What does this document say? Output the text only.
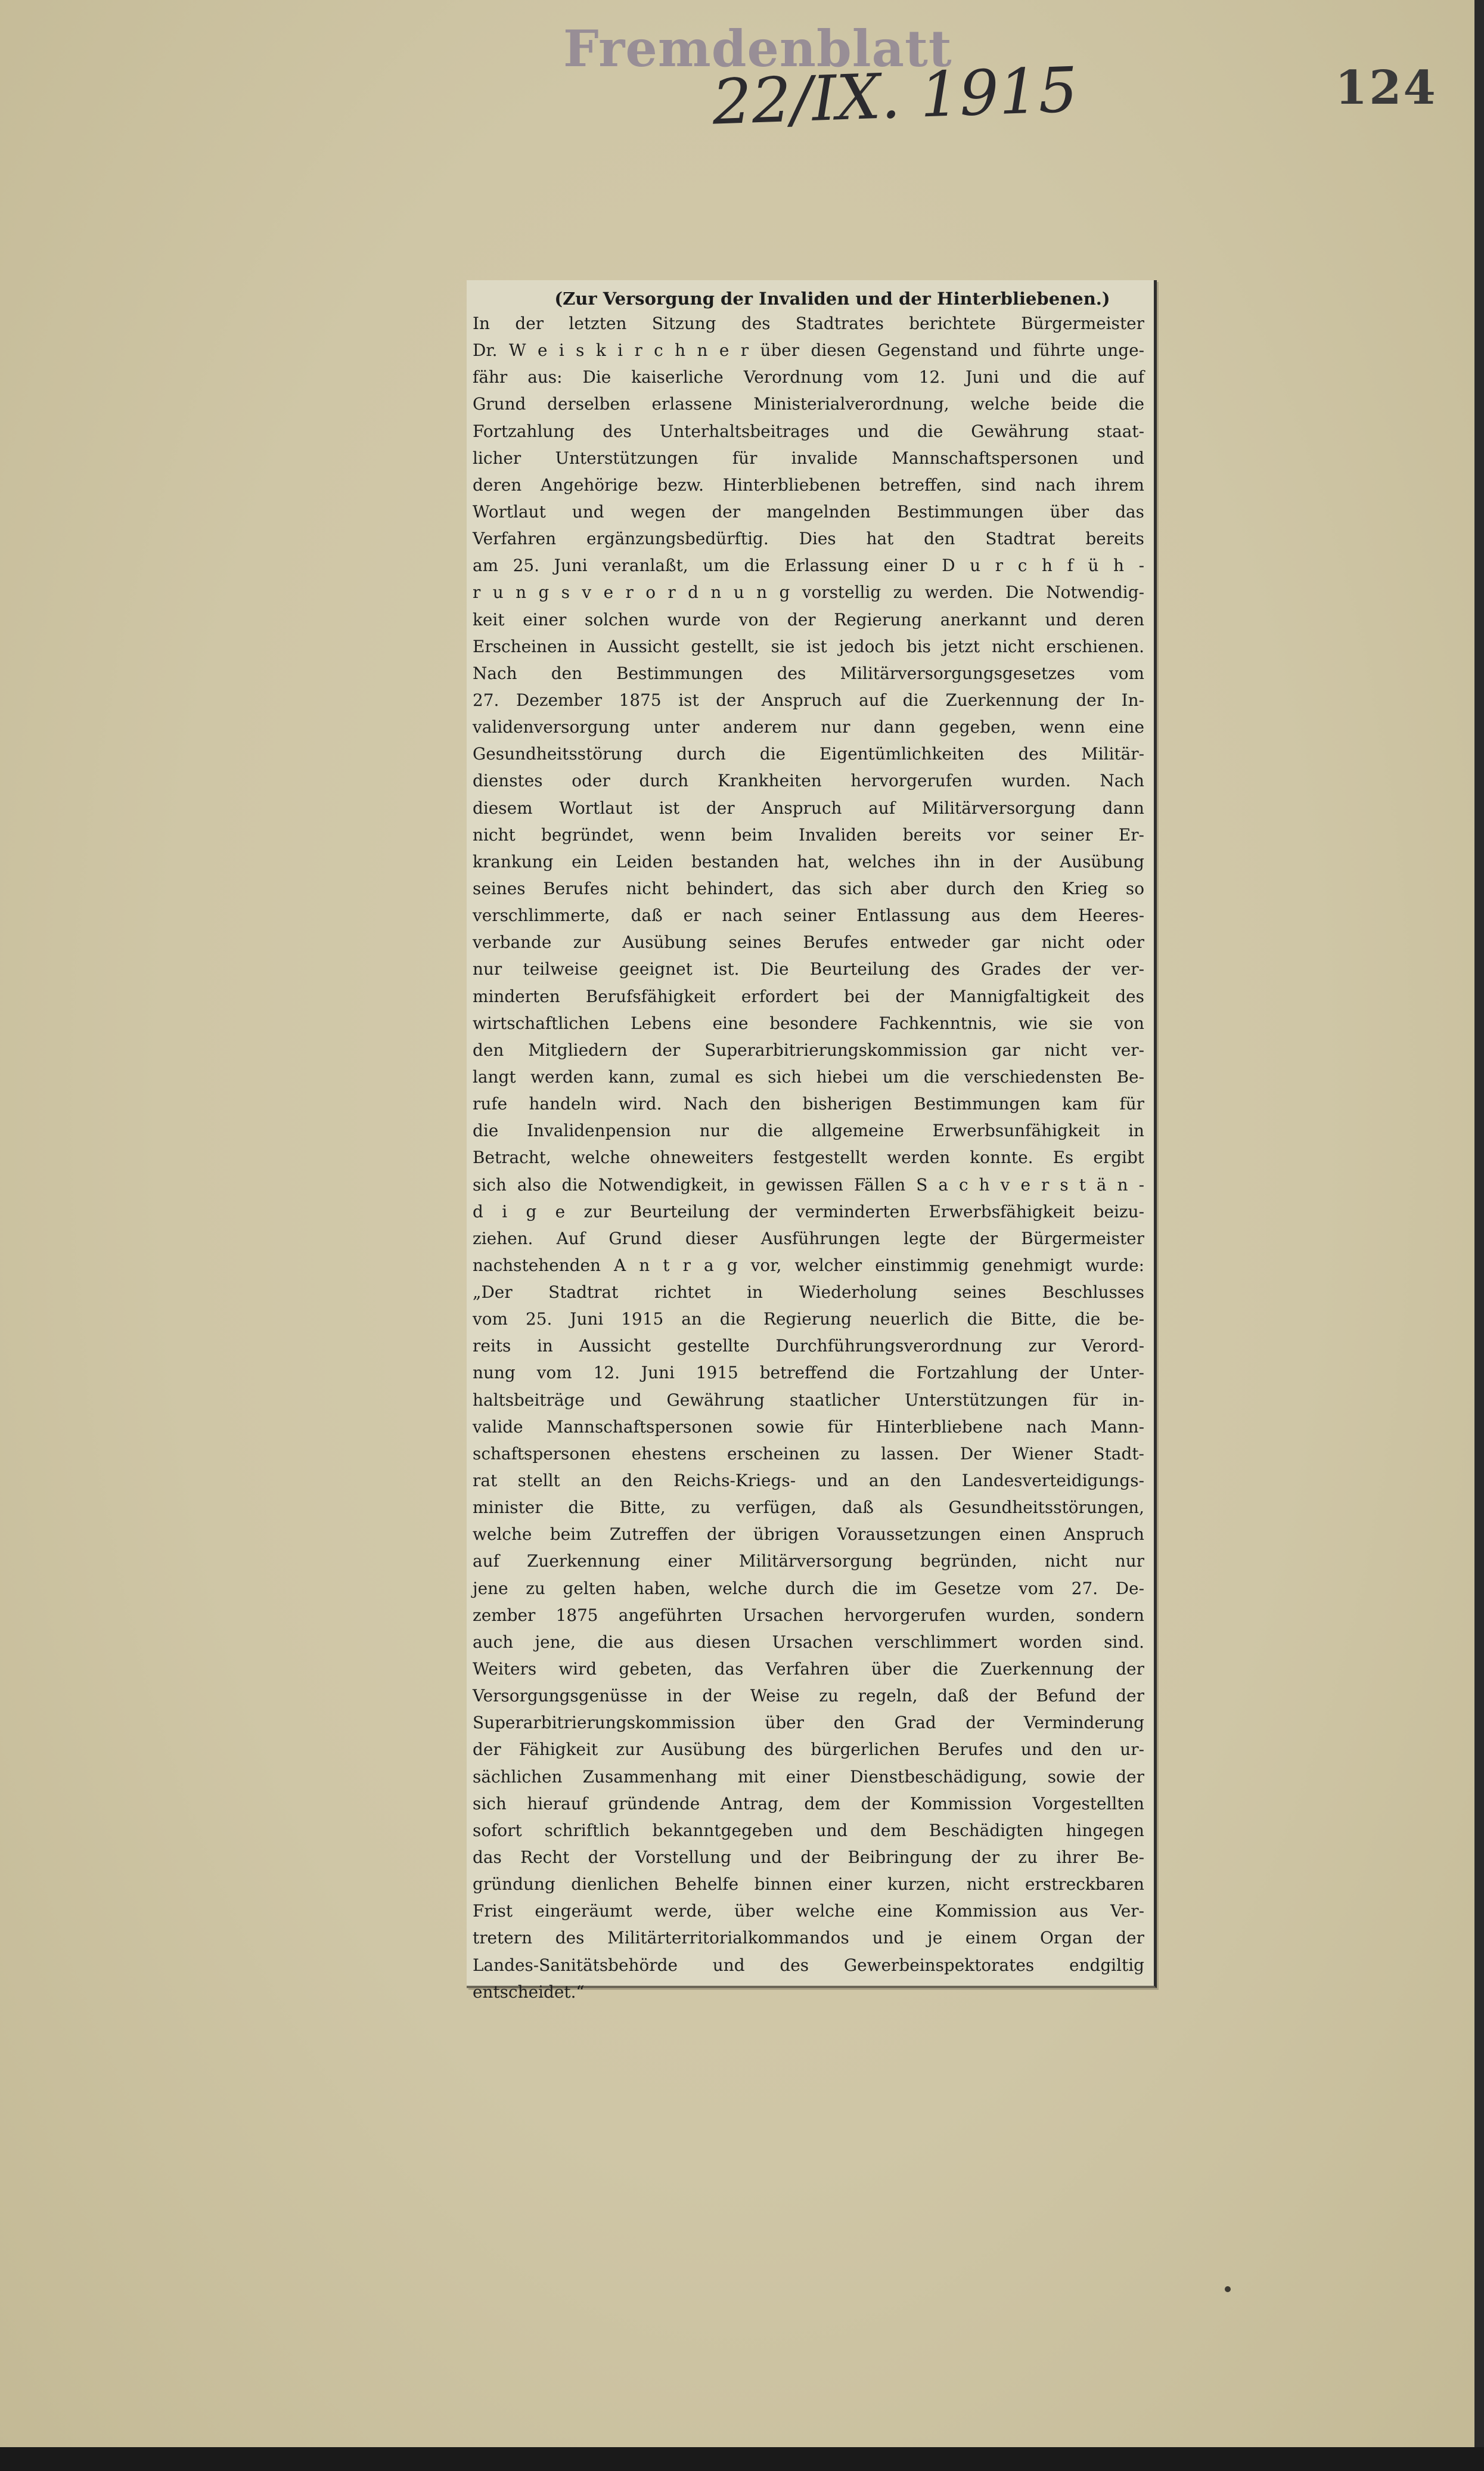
Fremdenblatt
22/IX. 1915	124

(Zur Versorgung der Invaliden und der Hinterbliebenen.)

In der letzten Sitzung des Stadtrates berichtete Bürgermeister
Dr. W e i s k i r c h n e r über diesen Gegenstand und führte unge-
fähr aus: Die kaiserliche Verordnung vom 12. Juni und die auf
Grund derselben erlassene Ministerialverordnung, welche beide die
Fortzahlung des Unterhaltsbeitrages und die Gewährung staat-
licher Unterstützungen für invalide Mannschaftspersonen und
deren Angehörige bezw. Hinterbliebenen betreffen, sind nach ihrem
Wortlaut und wegen der mangelnden Bestimmungen über das
Verfahren ergänzungsbedürftig. Dies hat den Stadtrat bereits
am 25. Juni veranlaßt, um die Erlassung einer D u r c h f ü h -
r u n g s v e r o r d n u n g vorstellig zu werden. Die Notwendig-
keit einer solchen wurde von der Regierung anerkannt und deren
Erscheinen in Aussicht gestellt, sie ist jedoch bis jetzt nicht erschienen.
Nach den Bestimmungen des Militärversorgungsgesetzes vom
27. Dezember 1875 ist der Anspruch auf die Zuerkennung der In-
validenversorgung unter anderem nur dann gegeben, wenn eine
Gesundheitsstörung durch die Eigentümlichkeiten des Militär-
dienstes oder durch Krankheiten hervorgerufen wurden. Nach
diesem Wortlaut ist der Anspruch auf Militärversorgung dann
nicht begründet, wenn beim Invaliden bereits vor seiner Er-
krankung ein Leiden bestanden hat, welches ihn in der Ausübung
seines Berufes nicht behindert, das sich aber durch den Krieg so
verschlimmerte, daß er nach seiner Entlassung aus dem Heeres-
verbande zur Ausübung seines Berufes entweder gar nicht oder
nur teilweise geeignet ist. Die Beurteilung des Grades der ver-
minderten Berufsfähigkeit erfordert bei der Mannigfaltigkeit des
wirtschaftlichen Lebens eine besondere Fachkenntnis, wie sie von
den Mitgliedern der Superarbitrierungskommission gar nicht ver-
langt werden kann, zumal es sich hiebei um die verschiedensten Be-
rufe handeln wird. Nach den bisherigen Bestimmungen kam für
die Invalidenpension nur die allgemeine Erwerbsunfähigkeit in
Betracht, welche ohneweiters festgestellt werden konnte. Es ergibt
sich also die Notwendigkeit, in gewissen Fällen S a c h v e r s t ä n -
d i g e zur Beurteilung der verminderten Erwerbsfähigkeit beizu-
ziehen. Auf Grund dieser Ausführungen legte der Bürgermeister
nachstehenden A n t r a g vor, welcher einstimmig genehmigt wurde:
„Der Stadtrat richtet in Wiederholung seines Beschlusses
vom 25. Juni 1915 an die Regierung neuerlich die Bitte, die be-
reits in Aussicht gestellte Durchführungsverordnung zur Verord-
nung vom 12. Juni 1915 betreffend die Fortzahlung der Unter-
haltsbeiträge und Gewährung staatlicher Unterstützungen für in-
valide Mannschaftspersonen sowie für Hinterbliebene nach Mann-
schaftspersonen ehestens erscheinen zu lassen. Der Wiener Stadt-
rat stellt an den Reichs-Kriegs- und an den Landesverteidigungs-
minister die Bitte, zu verfügen, daß als Gesundheitsstörungen,
welche beim Zutreffen der übrigen Voraussetzungen einen Anspruch
auf Zuerkennung einer Militärversorgung begründen, nicht nur
jene zu gelten haben, welche durch die im Gesetze vom 27. De-
zember 1875 angeführten Ursachen hervorgerufen wurden, sondern
auch jene, die aus diesen Ursachen verschlimmert worden sind.
Weiters wird gebeten, das Verfahren über die Zuerkennung der
Versorgungsgenüsse in der Weise zu regeln, daß der Befund der
Superarbitrierungskommission über den Grad der Verminderung
der Fähigkeit zur Ausübung des bürgerlichen Berufes und den ur-
sächlichen Zusammenhang mit einer Dienstbeschädigung, sowie der
sich hierauf gründende Antrag, dem der Kommission Vorgestellten
sofort schriftlich bekanntgegeben und dem Beschädigten hingegen
das Recht der Vorstellung und der Beibringung der zu ihrer Be-
gründung dienlichen Behelfe binnen einer kurzen, nicht erstreckbaren
Frist eingeräumt werde, über welche eine Kommission aus Ver-
tretern des Militärterritorialkommandos und je einem Organ der
Landes-Sanitätsbehörde und des Gewerbeinspektorates endgiltig
entscheidet.“
